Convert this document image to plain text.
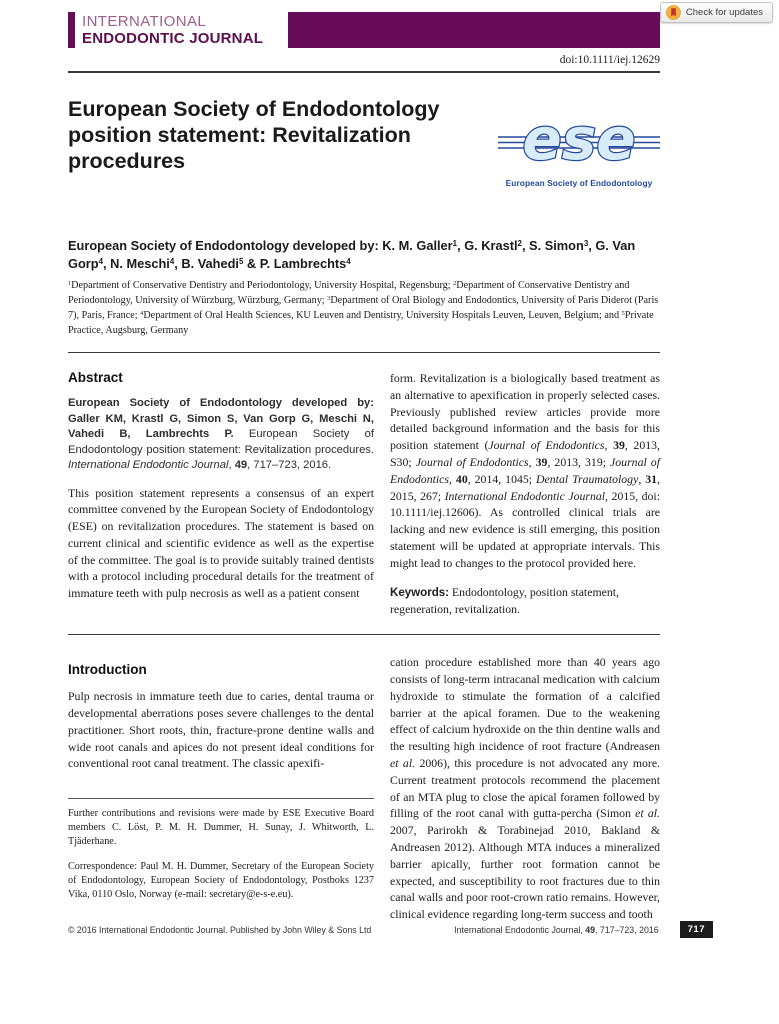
Check for updates
INTERNATIONAL
ENDODONTIC JOURNAL
doi:10.1111/iej.12629
European Society of Endodontology position statement: Revitalization procedures	ese
European Society of Endodontology
European Society of Endodontology developed by: K. M. Galler$^1$, G. Krastl$^2$, S. Simon$^3$, G. Van Gorp$^4$, N. Meschi$^4$, B. Vahedi$^5$ & P. Lambrechts$^4$
$^1$Department of Conservative Dentistry and Periodontology, University Hospital, Regensburg; $^2$Department of Conservative Dentistry and Periodontology, University of Würzburg, Würzburg, Germany; $^3$Department of Oral Biology and Endodontics, University of Paris Diderot (Paris 7), Paris, France; $^4$Department of Oral Health Sciences, KU Leuven and Dentistry, University Hospitals Leuven, Leuven, Belgium; and $^5$Private Practice, Augsburg, Germany
Abstract

European Society of Endodontology developed by: Galler KM, Krastl G, Simon S, Van Gorp G, Meschi N, Vahedi B, Lambrechts P. European Society of Endodontology position statement: Revitalization procedures. International Endodontic Journal, 49, 717–723, 2016.

This position statement represents a consensus of an expert committee convened by the European Society of Endodontology (ESE) on revitalization procedures. The statement is based on current clinical and scientific evidence as well as the expertise of the committee. The goal is to provide suitably trained dentists with a protocol including procedural details for the treatment of immature teeth with pulp necrosis as well as a patient consent

form. Revitalization is a biologically based treatment as an alternative to apexification in properly selected cases. Previously published review articles provide more detailed background information and the basis for this position statement (Journal of Endodontics, 39, 2013, S30; Journal of Endodontics, 39, 2013, 319; Journal of Endodontics, 40, 2014, 1045; Dental Traumatology, 31, 2015, 267; International Endodontic Journal, 2015, doi: 10.1111/iej.12606). As controlled clinical trials are lacking and new evidence is still emerging, this position statement will be updated at appropriate intervals. This might lead to changes to the protocol provided here.

Keywords: Endodontology, position statement, regeneration, revitalization.

Introduction

Pulp necrosis in immature teeth due to caries, dental trauma or developmental aberrations poses severe challenges to the dental practitioner. Short roots, thin, fracture-prone dentine walls and wide root canals and apices do not present ideal conditions for conventional root canal treatment. The classic apexifi-

Further contributions and revisions were made by ESE Executive Board members C. Löst, P. M. H. Dummer, H. Sunay, J. Whitworth, L. Tjäderhane.

Correspondence: Paul M. H. Dummer, Secretary of the European Society of Endodontology, European Society of Endodontology, Postboks 1237 Vika, 0110 Oslo, Norway (e-mail: secretary@e-s-e.eu).

cation procedure established more than 40 years ago consists of long-term intracanal medication with calcium hydroxide to stimulate the formation of a calcified barrier at the apical foramen. Due to the weakening effect of calcium hydroxide on the thin dentine walls and the resulting high incidence of root fracture (Andreasen et al. 2006), this procedure is not advocated any more. Current treatment protocols recommend the placement of an MTA plug to close the apical foramen followed by filling of the root canal with gutta-percha (Simon et al. 2007, Parirokh & Torabinejad 2010, Bakland & Andreasen 2012). Although MTA induces a mineralized barrier apically, further root formation cannot be expected, and susceptibility to root fractures due to thin canal walls and poor root-crown ratio remains. However, clinical evidence regarding long-term success and tooth

© 2016 International Endodontic Journal. Published by John Wiley & Sons Ltd	International Endodontic Journal, 49, 717–723, 2016	717
